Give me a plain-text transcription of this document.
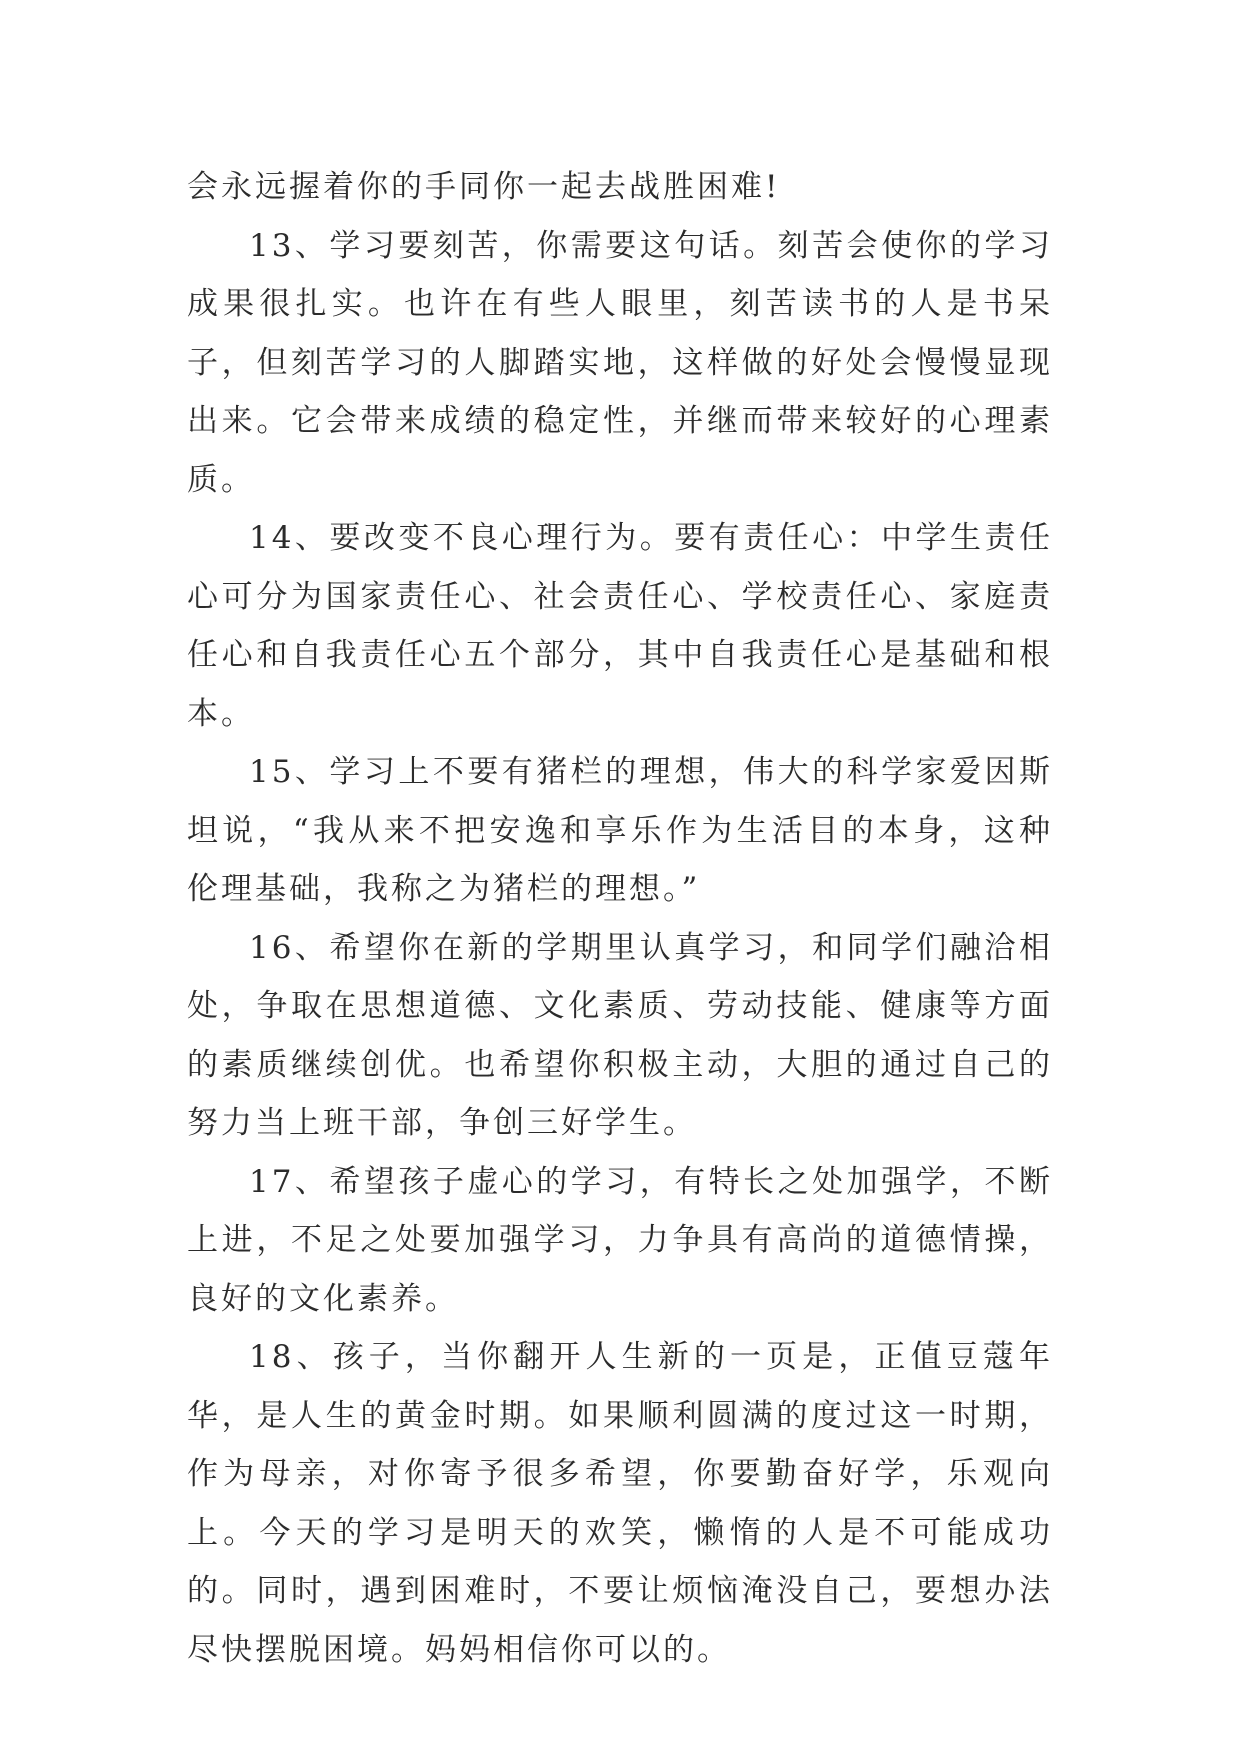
会永远握着你的手同你一起去战胜困难!

13、学习要刻苦，你需要这句话。刻苦会使你的学习成果很扎实。也许在有些人眼里，刻苦读书的人是书呆子，但刻苦学习的人脚踏实地，这样做的好处会慢慢显现出来。它会带来成绩的稳定性，并继而带来较好的心理素质。

14、要改变不良心理行为。要有责任心：中学生责任心可分为国家责任心、社会责任心、学校责任心、家庭责任心和自我责任心五个部分，其中自我责任心是基础和根本。

15、学习上不要有猪栏的理想，伟大的科学家爱因斯坦说，“我从来不把安逸和享乐作为生活目的本身，这种伦理基础，我称之为猪栏的理想。”

16、希望你在新的学期里认真学习，和同学们融洽相处，争取在思想道德、文化素质、劳动技能、健康等方面的素质继续创优。也希望你积极主动，大胆的通过自己的努力当上班干部，争创三好学生。

17、希望孩子虚心的学习，有特长之处加强学，不断上进，不足之处要加强学习，力争具有高尚的道德情操，良好的文化素养。

18、孩子，当你翻开人生新的一页是，正值豆蔻年华，是人生的黄金时期。如果顺利圆满的度过这一时期，作为母亲，对你寄予很多希望，你要勤奋好学，乐观向上。今天的学习是明天的欢笑，懒惰的人是不可能成功的。同时，遇到困难时，不要让烦恼淹没自己，要想办法尽快摆脱困境。妈妈相信你可以的。
